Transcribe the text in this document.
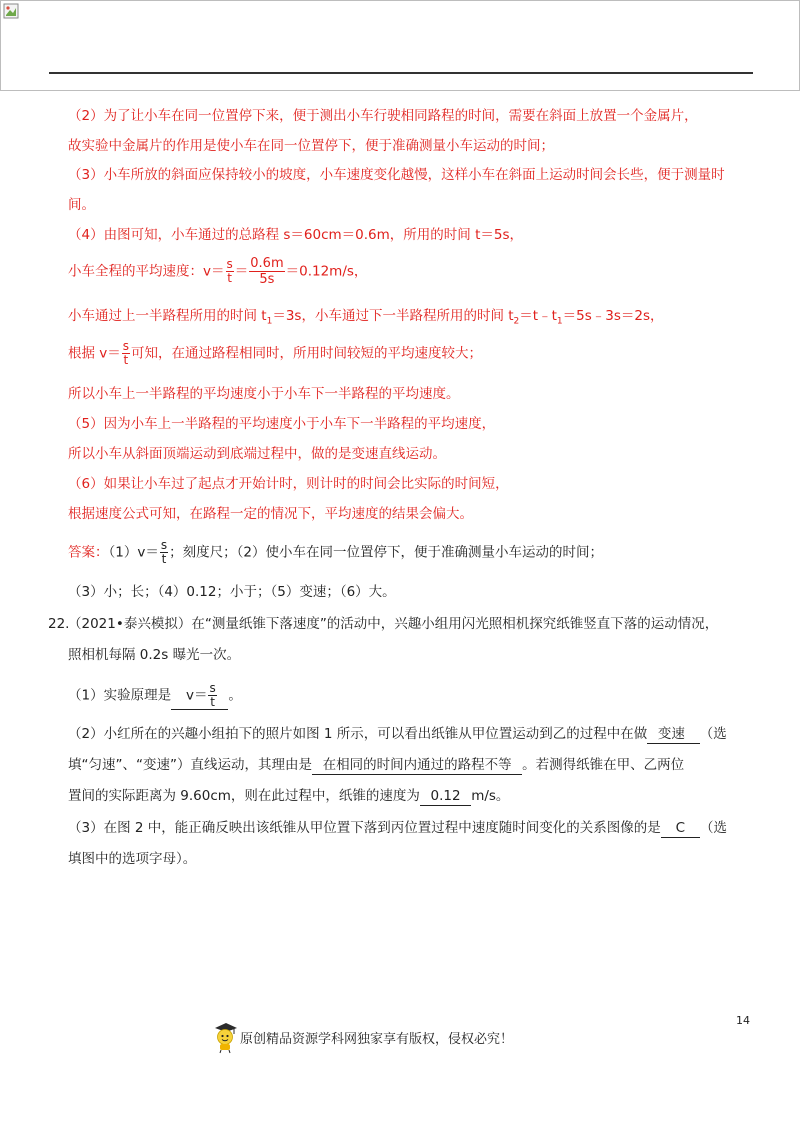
（2）为了让小车在同一位置停下来，便于测出小车行驶相同路程的时间，需要在斜面上放置一个金属片，
故实验中金属片的作用是使小车在同一位置停下，便于准确测量小车运动的时间；
（3）小车所放的斜面应保持较小的坡度，小车速度变化越慢，这样小车在斜面上运动时间会长些，便于测量时
间。
（4）由图可知，小车通过的总路程 s＝60cm＝0.6m，所用的时间 t＝5s，
小车全程的平均速度：$v= \frac{s}{t} = \frac{0.6m}{5s} =0.12m/s$，
小车通过上一半路程所用的时间 $t_1=3s$，小车通过下一半路程所用的时间 $t_2=t﹣t_1=5s﹣3s=2s$，
根据 $v= \frac{s}{t}$ 可知，在通过路程相同时，所用时间较短的平均速度较大；
所以小车上一半路程的平均速度小于小车下一半路程的平均速度。
（5）因为小车上一半路程的平均速度小于小车下一半路程的平均速度，
所以小车从斜面顶端运动到底端过程中，做的是变速直线运动。
（6）如果让小车过了起点才开始计时，则计时的时间会比实际的时间短，
根据速度公式可知，在路程一定的情况下，平均速度的结果会偏大。
答案：$(1)v= \frac{s}{t}$ ；刻度尺；（2）使小车在同一位置停下，便于准确测量小车运动的时间；
（3）小；长；（4）0.12；小于；（5）变速；（6）大。
22.
（2021•泰兴模拟）在“测量纸锥下落速度”的活动中，兴趣小组用闪光照相机探究纸锥竖直下落的运动情况，
照相机每隔 0.2s 曝光一次。
（1）实验原理是 $v= \frac{s}{t}$ 。
（2）小红所在的兴趣小组拍下的照片如图 1 所示，可以看出纸锥从甲位置运动到乙的过程中在做 变速 （选
填“匀速”、“变速”）直线运动，其理由是 在相同的时间内通过的路程不等 。若测得纸锥在甲、乙两位
置间的实际距离为 9.60cm，则在此过程中，纸锥的速度为 0.12 m/s。
（3）在图 2 中，能正确反映出该纸锥从甲位置下落到丙位置过程中速度随时间变化的关系图像的是 C （选
填图中的选项字母）。
14
原创精品资源学科网独家享有版权，侵权必究！
